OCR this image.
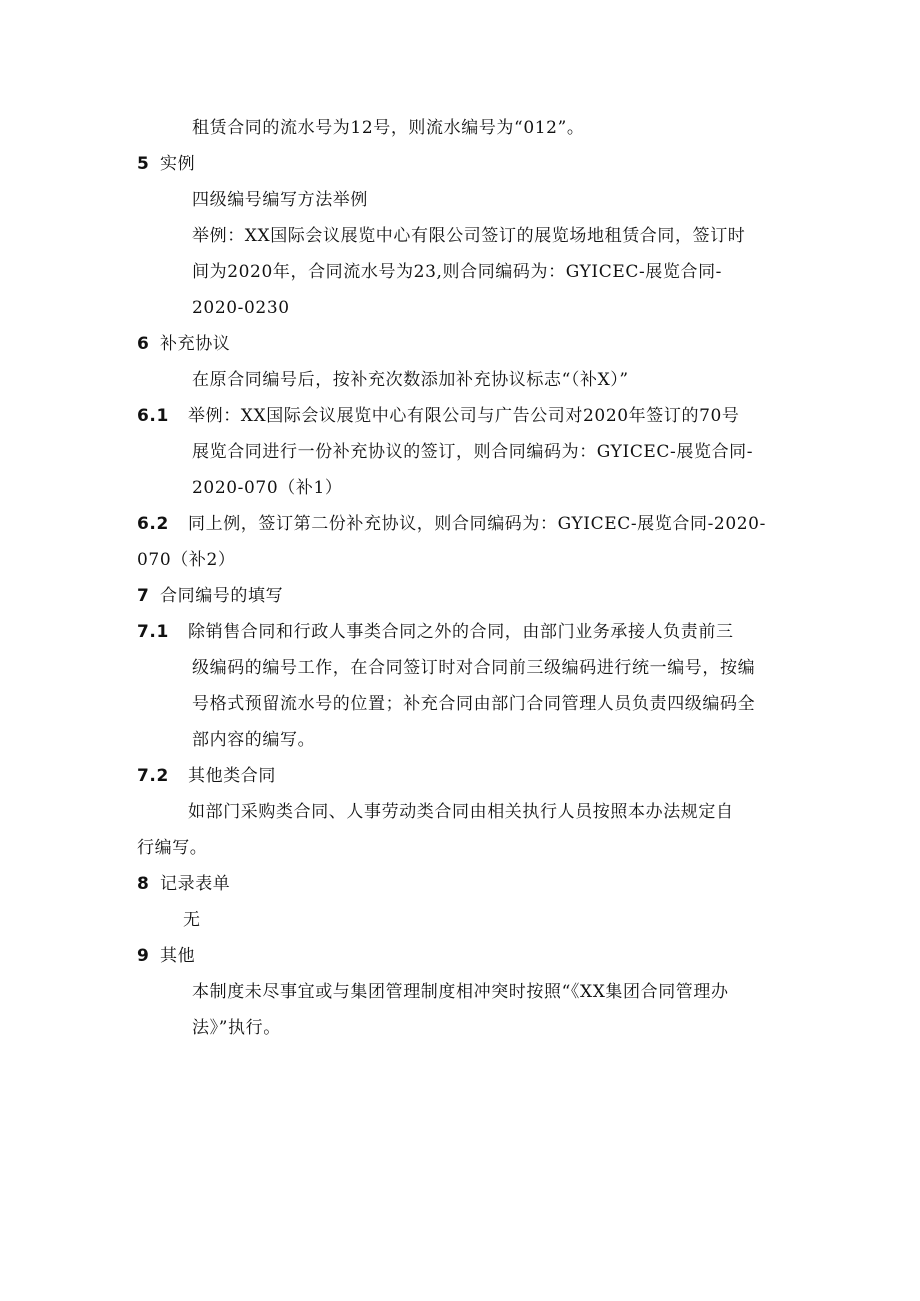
租赁合同的流水号为12号，则流水编号为“012”。
5 实例
四级编号编写方法举例
举例：XX国际会议展览中心有限公司签订的展览场地租赁合同，签订时
间为2020年，合同流水号为23,则合同编码为：GYICEC-展览合同-
2020-0230
6 补充协议
在原合同编号后，按补充次数添加补充协议标志“（补X）”
6.1 举例：XX国际会议展览中心有限公司与广告公司对2020年签订的70号
展览合同进行一份补充协议的签订，则合同编码为：GYICEC-展览合同-
2020-070（补1）
6.2 同上例，签订第二份补充协议，则合同编码为：GYICEC-展览合同-2020-
070（补2）
7 合同编号的填写
7.1 除销售合同和行政人事类合同之外的合同，由部门业务承接人负责前三
级编码的编号工作，在合同签订时对合同前三级编码进行统一编号，按编
号格式预留流水号的位置；补充合同由部门合同管理人员负责四级编码全
部内容的编写。
7.2 其他类合同
如部门采购类合同、人事劳动类合同由相关执行人员按照本办法规定自
行编写。
8 记录表单
无
9 其他
本制度未尽事宜或与集团管理制度相冲突时按照“《XX集团合同管理办
法》”执行。
